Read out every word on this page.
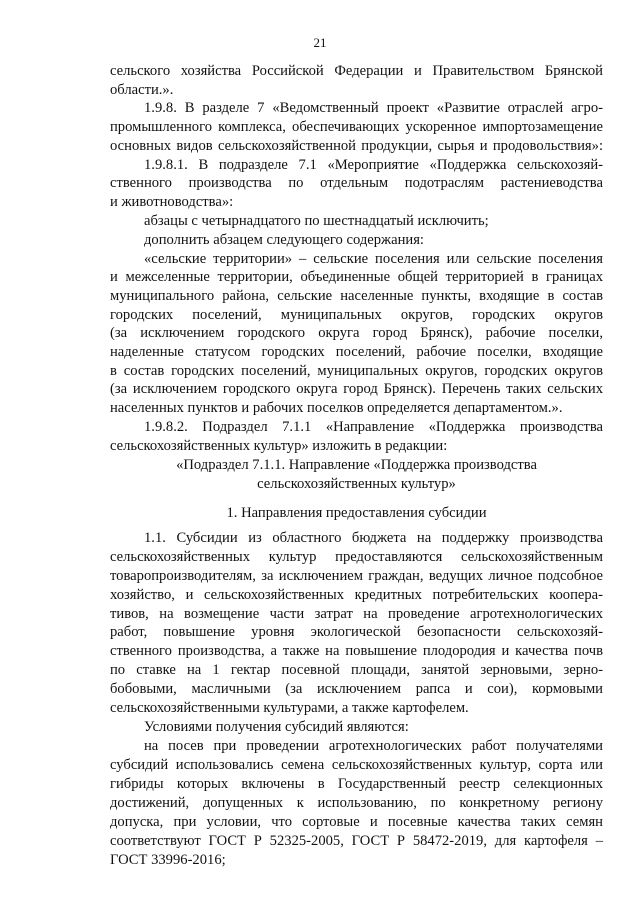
21
сельского хозяйства Российской Федерации и Правительством Брянской
области.».
1.9.8. В разделе 7 «Ведомственный проект «Развитие отраслей агро-
промышленного комплекса, обеспечивающих ускоренное импортозамещение
основных видов сельскохозяйственной продукции, сырья и продовольствия»:
1.9.8.1. В подразделе 7.1 «Мероприятие «Поддержка сельскохозяй-
ственного производства по отдельным подотраслям растениеводства
и животноводства»:
абзацы с четырнадцатого по шестнадцатый исключить;
дополнить абзацем следующего содержания:
«сельские территории» – сельские поселения или сельские поселения
и межселенные территории, объединенные общей территорией в границах
муниципального района, сельские населенные пункты, входящие в состав
городских поселений, муниципальных округов, городских округов
(за исключением городского округа город Брянск), рабочие поселки,
наделенные статусом городских поселений, рабочие поселки, входящие
в состав городских поселений, муниципальных округов, городских округов
(за исключением городского округа город Брянск). Перечень таких сельских
населенных пунктов и рабочих поселков определяется департаментом.».
1.9.8.2. Подраздел 7.1.1 «Направление «Поддержка производства
сельскохозяйственных культур» изложить в редакции:
«Подраздел 7.1.1. Направление «Поддержка производства
сельскохозяйственных культур»
1. Направления предоставления субсидии
1.1. Субсидии из областного бюджета на поддержку производства
сельскохозяйственных культур предоставляются сельскохозяйственным
товаропроизводителям, за исключением граждан, ведущих личное подсобное
хозяйство, и сельскохозяйственных кредитных потребительских коопера-
тивов, на возмещение части затрат на проведение агротехнологических
работ, повышение уровня экологической безопасности сельскохозяй-
ственного производства, а также на повышение плодородия и качества почв
по ставке на 1 гектар посевной площади, занятой зерновыми, зерно-
бобовыми, масличными (за исключением рапса и сои), кормовыми
сельскохозяйственными культурами, а также картофелем.
Условиями получения субсидий являются:
на посев при проведении агротехнологических работ получателями
субсидий использовались семена сельскохозяйственных культур, сорта или
гибриды которых включены в Государственный реестр селекционных
достижений, допущенных к использованию, по конкретному региону
допуска, при условии, что сортовые и посевные качества таких семян
соответствуют ГОСТ Р 52325-2005, ГОСТ Р 58472-2019, для картофеля –
ГОСТ 33996-2016;
